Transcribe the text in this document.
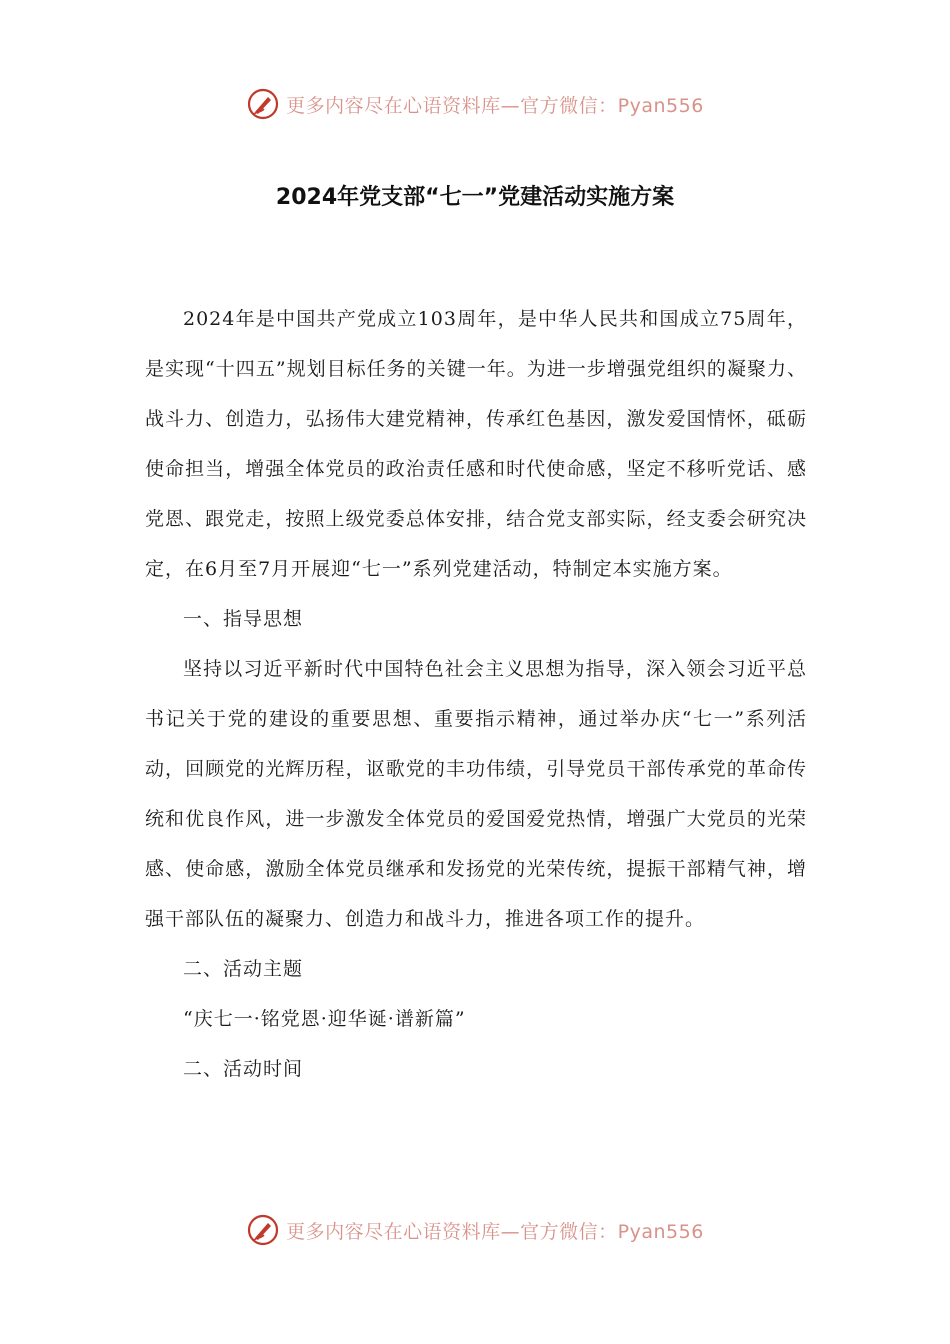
更多内容尽在心语资料库—官方微信：Pyan556
2024年党支部“七一”党建活动实施方案

2024年是中国共产党成立103周年，是中华人民共和国成立75周年，是实现“十四五”规划目标任务的关键一年。为进一步增强党组织的凝聚力、战斗力、创造力，弘扬伟大建党精神，传承红色基因，激发爱国情怀，砥砺使命担当，增强全体党员的政治责任感和时代使命感，坚定不移听党话、感党恩、跟党走，按照上级党委总体安排，结合党支部实际，经支委会研究决定，在6月至7月开展迎“七一”系列党建活动，特制定本实施方案。

一、指导思想

坚持以习近平新时代中国特色社会主义思想为指导，深入领会习近平总书记关于党的建设的重要思想、重要指示精神，通过举办庆“七一”系列活动，回顾党的光辉历程，讴歌党的丰功伟绩，引导党员干部传承党的革命传统和优良作风，进一步激发全体党员的爱国爱党热情，增强广大党员的光荣感、使命感，激励全体党员继承和发扬党的光荣传统，提振干部精气神，增强干部队伍的凝聚力、创造力和战斗力，推进各项工作的提升。

二、活动主题

“庆七一·铭党恩·迎华诞·谱新篇”

二、活动时间

更多内容尽在心语资料库—官方微信：Pyan556
